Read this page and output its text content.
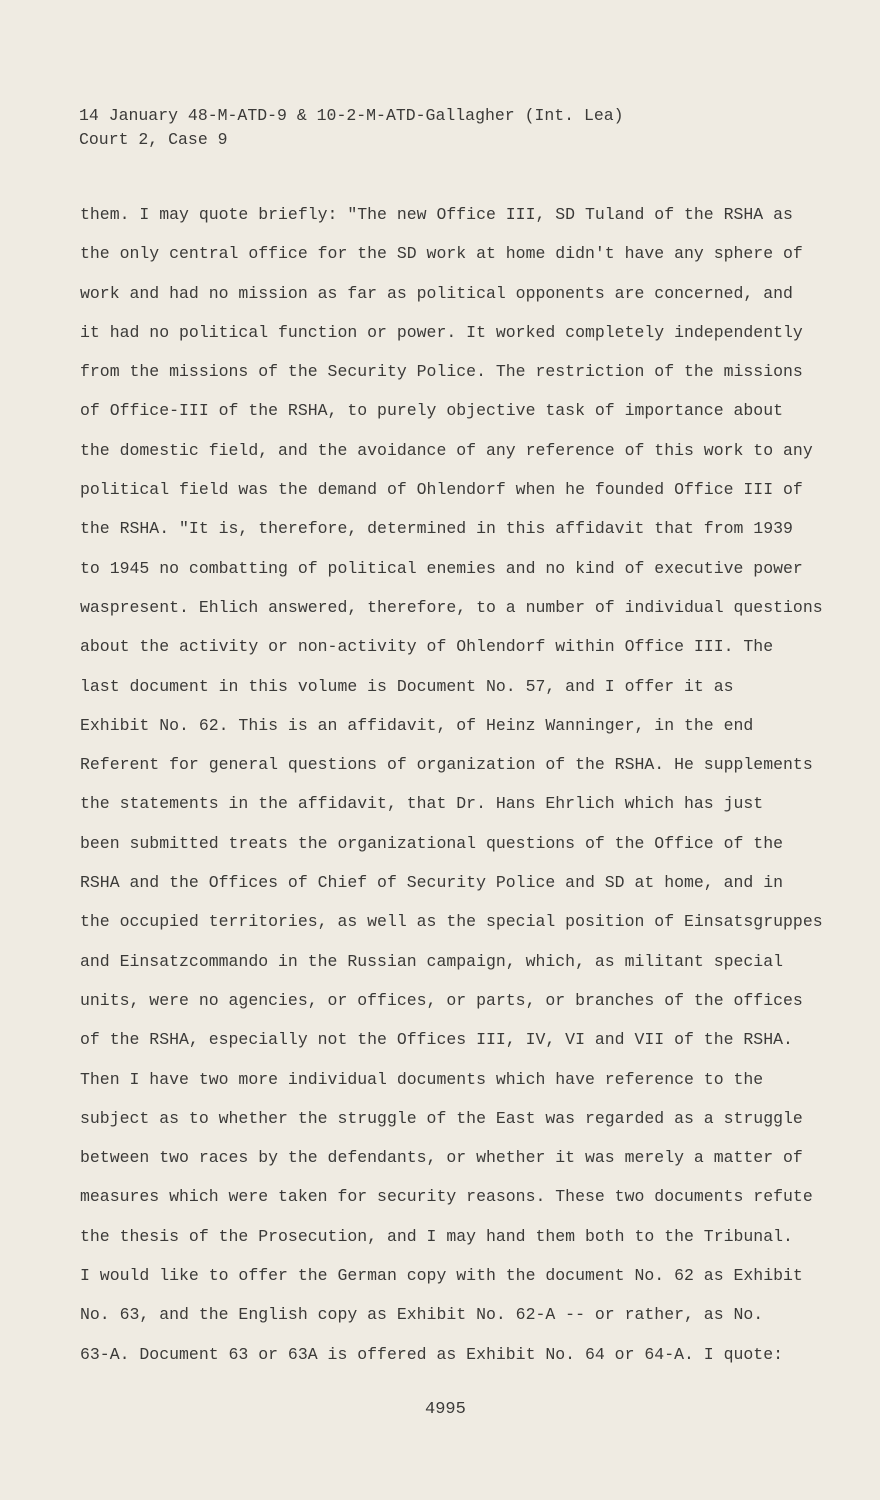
14 January 48-M-ATD-9 & 10-2-M-ATD-Gallagher (Int. Lea)
Court 2, Case 9
them. I may quote briefly: "The new Office III, SD Tuland of the RSHA as
the only central office for the SD work at home didn't have any sphere of
work and had no mission as far as political opponents are concerned, and
it had no political function or power. It worked completely independently
from the missions of the Security Police. The restriction of the missions
of Office-III of the RSHA, to purely objective task of importance about
the domestic field, and the avoidance of any reference of this work to any
political field was the demand of Ohlendorf when he founded Office III of
the RSHA. "It is, therefore, determined in this affidavit that from 1939
to 1945 no combatting of political enemies and no kind of executive power
waspresent. Ehlich answered, therefore, to a number of individual questions
about the activity or non-activity of Ohlendorf within Office III. The
last document in this volume is Document No. 57, and I offer it as
Exhibit No. 62. This is an affidavit, of Heinz Wanninger, in the end
Referent for general questions of organization of the RSHA. He supplements
the statements in the affidavit, that Dr. Hans Ehrlich which has just
been submitted treats the organizational questions of the Office of the
RSHA and the Offices of Chief of Security Police and SD at home, and in
the occupied territories, as well as the special position of Einsatsgruppes
and Einsatzcommando in the Russian campaign, which, as militant special
units, were no agencies, or offices, or parts, or branches of the offices
of the RSHA, especially not the Offices III, IV, VI and VII of the RSHA.
Then I have two more individual documents which have reference to the
subject as to whether the struggle of the East was regarded as a struggle
between two races by the defendants, or whether it was merely a matter of
measures which were taken for security reasons. These two documents refute
the thesis of the Prosecution, and I may hand them both to the Tribunal.
I would like to offer the German copy with the document No. 62 as Exhibit
No. 63, and the English copy as Exhibit No. 62-A -- or rather, as No.
63-A. Document 63 or 63A is offered as Exhibit No. 64 or 64-A. I quote:
4995
